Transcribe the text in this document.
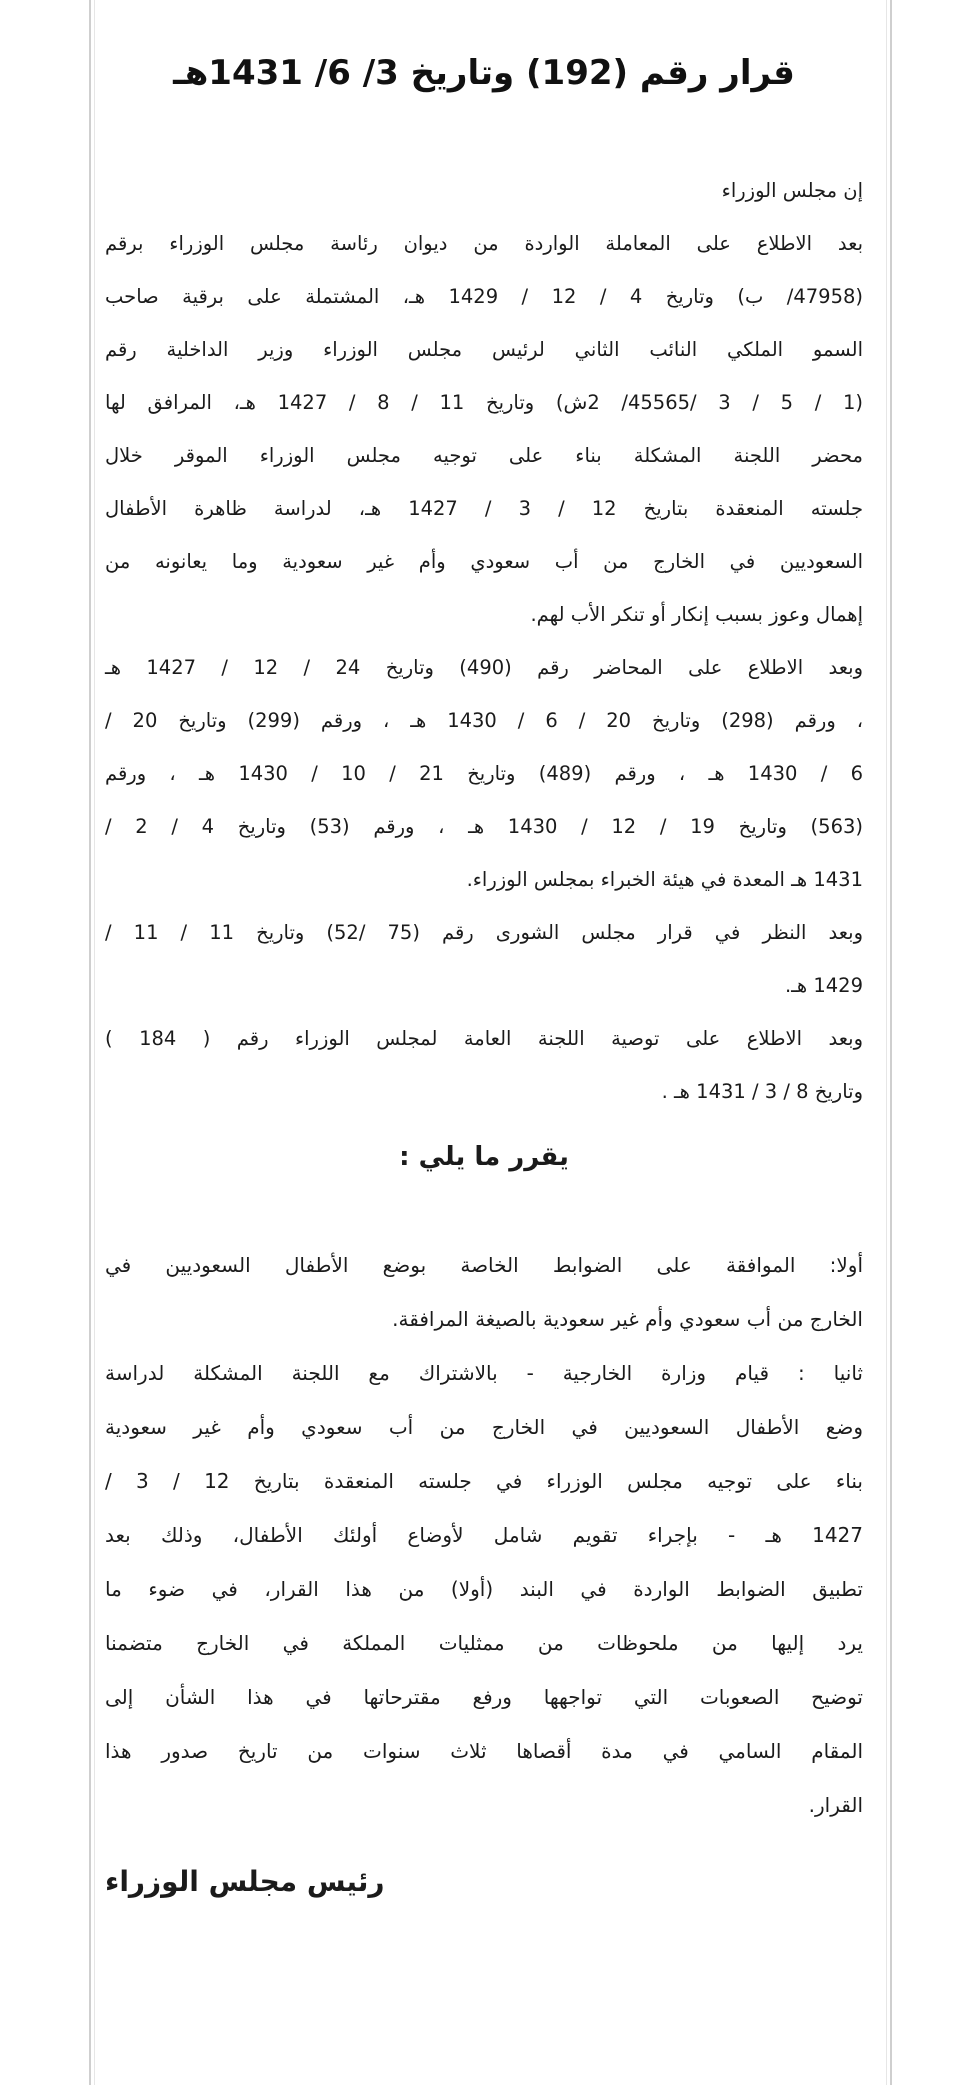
قرار رقم (192) وتاريخ 3/ 6/ 1431هـ
إن مجلس الوزراء
بعد الاطلاع على المعاملة الواردة من ديوان رئاسة مجلس الوزراء برقم
(47958/ ب) وتاريخ 4 / 12 / 1429 هـ، المشتملة على برقية صاحب
السمو الملكي النائب الثاني لرئيس مجلس الوزراء وزير الداخلية رقم
(1 / 5 / 3 /45565/ 2ش) وتاريخ 11 / 8 / 1427 هـ، المرافق لها
محضر اللجنة المشكلة بناء على توجيه مجلس الوزراء الموقر خلال
جلسته المنعقدة بتاريخ 12 / 3 / 1427 هـ، لدراسة ظاهرة الأطفال
السعوديين في الخارج من أب سعودي وأم غير سعودية وما يعانونه من
إهمال وعوز بسبب إنكار أو تنكر الأب لهم.
وبعد الاطلاع على المحاضر رقم (490) وتاريخ 24 / 12 / 1427 هـ
، ورقم (298) وتاريخ 20 / 6 / 1430 هـ ، ورقم (299) وتاريخ 20 /
6 / 1430 هـ ، ورقم (489) وتاريخ 21 / 10 / 1430 هـ ، ورقم
(563) وتاريخ 19 / 12 / 1430 هـ ، ورقم (53) وتاريخ 4 / 2 /
1431 هـ المعدة في هيئة الخبراء بمجلس الوزراء.
وبعد النظر في قرار مجلس الشورى رقم (75 /52) وتاريخ 11 / 11 /
1429 هـ.
وبعد الاطلاع على توصية اللجنة العامة لمجلس الوزراء رقم ( 184 )
وتاريخ 8 / 3 / 1431 هـ .
يقرر ما يلي :
أولا: الموافقة على الضوابط الخاصة بوضع الأطفال السعوديين في
الخارج من أب سعودي وأم غير سعودية بالصيغة المرافقة.
ثانيا : قيام وزارة الخارجية - بالاشتراك مع اللجنة المشكلة لدراسة
وضع الأطفال السعوديين في الخارج من أب سعودي وأم غير سعودية
بناء على توجيه مجلس الوزراء في جلسته المنعقدة بتاريخ 12 / 3 /
1427 هـ - بإجراء تقويم شامل لأوضاع أولئك الأطفال، وذلك بعد
تطبيق الضوابط الواردة في البند (أولا) من هذا القرار، في ضوء ما
يرد إليها من ملحوظات من ممثليات المملكة في الخارج متضمنا
توضيح الصعوبات التي تواجهها ورفع مقترحاتها في هذا الشأن إلى
المقام السامي في مدة أقصاها ثلاث سنوات من تاريخ صدور هذا
القرار.
رئيس مجلس الوزراء
